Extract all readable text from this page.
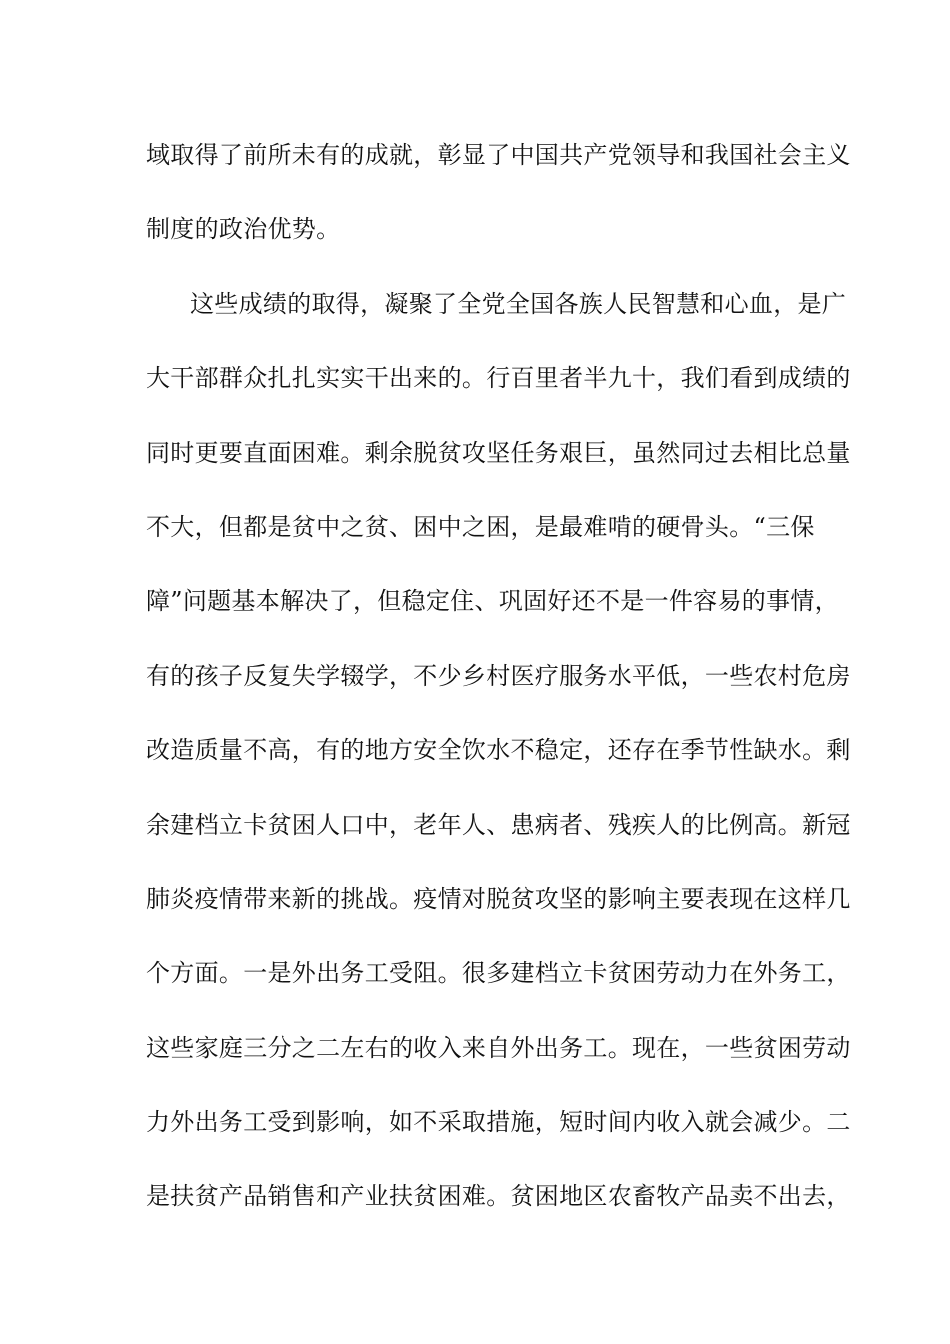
域取得了前所未有的成就，彰显了中国共产党领导和我国社会主义
制度的政治优势。
这些成绩的取得，凝聚了全党全国各族人民智慧和心血，是广
大干部群众扎扎实实干出来的。行百里者半九十，我们看到成绩的
同时更要直面困难。剩余脱贫攻坚任务艰巨，虽然同过去相比总量
不大，但都是贫中之贫、困中之困，是最难啃的硬骨头。“三保
障”问题基本解决了，但稳定住、巩固好还不是一件容易的事情，
有的孩子反复失学辍学，不少乡村医疗服务水平低，一些农村危房
改造质量不高，有的地方安全饮水不稳定，还存在季节性缺水。剩
余建档立卡贫困人口中，老年人、患病者、残疾人的比例高。新冠
肺炎疫情带来新的挑战。疫情对脱贫攻坚的影响主要表现在这样几
个方面。一是外出务工受阻。很多建档立卡贫困劳动力在外务工，
这些家庭三分之二左右的收入来自外出务工。现在，一些贫困劳动
力外出务工受到影响，如不采取措施，短时间内收入就会减少。二
是扶贫产品销售和产业扶贫困难。贫困地区农畜牧产品卖不出去，
